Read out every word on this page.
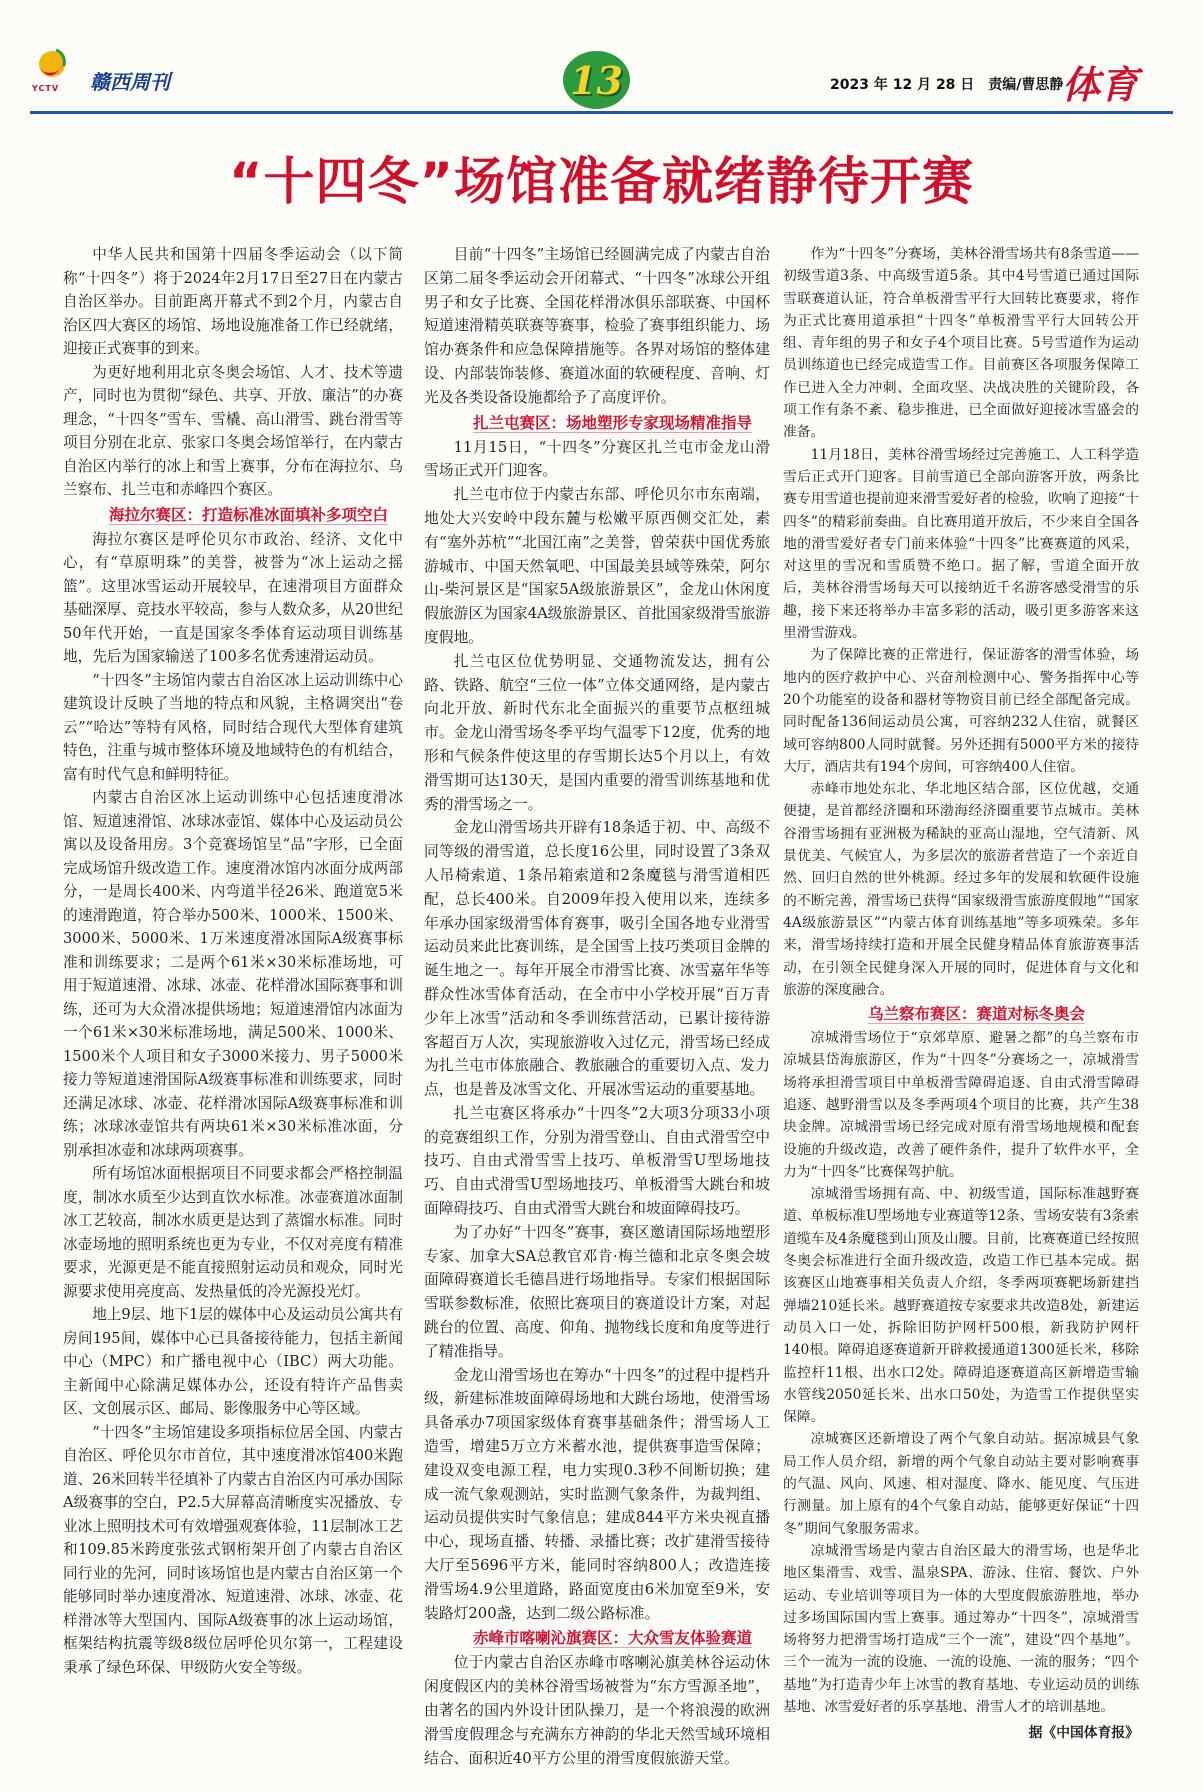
YCTV 赣西周刊	13	2023 年 12 月 28 日　责编/曹思静
体育
“十四冬”场馆准备就绪静待开赛

中华人民共和国第十四届冬季运动会（以下简称“十四冬”）将于2024年2月17日至27日在内蒙古自治区举办。目前距离开幕式不到2个月，内蒙古自治区四大赛区的场馆、场地设施准备工作已经就绪，迎接正式赛事的到来。

为更好地利用北京冬奥会场馆、人才、技术等遗产，同时也为贯彻“绿色、共享、开放、廉洁”的办赛理念，“十四冬”雪车、雪橇、高山滑雪、跳台滑雪等项目分别在北京、张家口冬奥会场馆举行，在内蒙古自治区内举行的冰上和雪上赛事，分布在海拉尔、乌兰察布、扎兰屯和赤峰四个赛区。

海拉尔赛区：打造标准冰面填补多项空白

海拉尔赛区是呼伦贝尔市政治、经济、文化中心，有“草原明珠”的美誉，被誉为“冰上运动之摇篮”。这里冰雪运动开展较早，在速滑项目方面群众基础深厚、竞技水平较高，参与人数众多，从20世纪50年代开始，一直是国家冬季体育运动项目训练基地，先后为国家输送了100多名优秀速滑运动员。

“十四冬”主场馆内蒙古自治区冰上运动训练中心建筑设计反映了当地的特点和风貌，主格调突出“卷云”“哈达”等特有风格，同时结合现代大型体育建筑特色，注重与城市整体环境及地域特色的有机结合，富有时代气息和鲜明特征。

内蒙古自治区冰上运动训练中心包括速度滑冰馆、短道速滑馆、冰球冰壶馆、媒体中心及运动员公寓以及设备用房。3个竞赛场馆呈“品”字形，已全面完成场馆升级改造工作。速度滑冰馆内冰面分成两部分，一是周长400米、内弯道半径26米、跑道宽5米的速滑跑道，符合举办500米、1000米、1500米、3000米、5000米、1万米速度滑冰国际A级赛事标准和训练要求；二是两个61米×30米标准场地，可用于短道速滑、冰球、冰壶、花样滑冰国际赛事和训练，还可为大众滑冰提供场地；短道速滑馆内冰面为一个61米×30米标准场地，满足500米、1000米、1500米个人项目和女子3000米接力、男子5000米接力等短道速滑国际A级赛事标准和训练要求，同时还满足冰球、冰壶、花样滑冰国际A级赛事标准和训练；冰球冰壶馆共有两块61米×30米标准冰面，分别承担冰壶和冰球两项赛事。

所有场馆冰面根据项目不同要求都会严格控制温度，制冰水质至少达到直饮水标准。冰壶赛道冰面制冰工艺较高，制冰水质更是达到了蒸馏水标准。同时冰壶场地的照明系统也更为专业，不仅对亮度有精准要求，光源更是不能直接照射运动员和观众，同时光源要求使用亮度高、发热量低的冷光源投光灯。

地上9层、地下1层的媒体中心及运动员公寓共有房间195间，媒体中心已具备接待能力，包括主新闻中心（MPC）和广播电视中心（IBC）两大功能。主新闻中心除满足媒体办公，还设有特许产品售卖区、文创展示区、邮局、影像服务中心等区域。

“十四冬”主场馆建设多项指标位居全国、内蒙古自治区、呼伦贝尔市首位，其中速度滑冰馆400米跑道、26米回转半径填补了内蒙古自治区内可承办国际A级赛事的空白，P2.5大屏幕高清晰度实况播放、专业冰上照明技术可有效增强观赛体验，11层制冰工艺和109.85米跨度张弦式钢桁架开创了内蒙古自治区同行业的先河，同时该场馆也是内蒙古自治区第一个能够同时举办速度滑冰、短道速滑、冰球、冰壶、花样滑冰等大型国内、国际A级赛事的冰上运动场馆，框架结构抗震等级8级位居呼伦贝尔第一，工程建设秉承了绿色环保、甲级防火安全等级。

目前“十四冬”主场馆已经圆满完成了内蒙古自治区第二届冬季运动会开闭幕式、“十四冬”冰球公开组男子和女子比赛、全国花样滑冰俱乐部联赛、中国杯短道速滑精英联赛等赛事，检验了赛事组织能力、场馆办赛条件和应急保障措施等。各界对场馆的整体建设、内部装饰装修、赛道冰面的软硬程度、音响、灯光及各类设备设施都给予了高度评价。

扎兰屯赛区：场地塑形专家现场精准指导

11月15日，“十四冬”分赛区扎兰屯市金龙山滑雪场正式开门迎客。

扎兰屯市位于内蒙古东部、呼伦贝尔市东南端，地处大兴安岭中段东麓与松嫩平原西侧交汇处，素有“塞外苏杭”“北国江南”之美誉，曾荣获中国优秀旅游城市、中国天然氧吧、中国最美县域等殊荣，阿尔山-柴河景区是“国家5A级旅游景区”，金龙山休闲度假旅游区为国家4A级旅游景区、首批国家级滑雪旅游度假地。

扎兰屯区位优势明显、交通物流发达，拥有公路、铁路、航空“三位一体”立体交通网络，是内蒙古向北开放、新时代东北全面振兴的重要节点枢纽城市。金龙山滑雪场冬季平均气温零下12度，优秀的地形和气候条件使这里的存雪期长达5个月以上，有效滑雪期可达130天，是国内重要的滑雪训练基地和优秀的滑雪场之一。

金龙山滑雪场共开辟有18条适于初、中、高级不同等级的滑雪道，总长度16公里，同时设置了3条双人吊椅索道、1条吊箱索道和2条魔毯与滑雪道相匹配，总长400米。自2009年投入使用以来，连续多年承办国家级滑雪体育赛事，吸引全国各地专业滑雪运动员来此比赛训练，是全国雪上技巧类项目金牌的诞生地之一。每年开展全市滑雪比赛、冰雪嘉年华等群众性冰雪体育活动，在全市中小学校开展“百万青少年上冰雪”活动和冬季训练营活动，已累计接待游客超百万人次，实现旅游收入过亿元，滑雪场已经成为扎兰屯市体旅融合、教旅融合的重要切入点、发力点，也是普及冰雪文化、开展冰雪运动的重要基地。

扎兰屯赛区将承办“十四冬”2大项3分项33小项的竞赛组织工作，分别为滑雪登山、自由式滑雪空中技巧、自由式滑雪雪上技巧、单板滑雪U型场地技巧、自由式滑雪U型场地技巧、单板滑雪大跳台和坡面障碍技巧、自由式滑雪大跳台和坡面障碍技巧。

为了办好“十四冬”赛事，赛区邀请国际场地塑形专家、加拿大SA总教官邓肯·梅兰德和北京冬奥会坡面障碍赛道长毛德昌进行场地指导。专家们根据国际雪联参数标准，依照比赛项目的赛道设计方案，对起跳台的位置、高度、仰角、抛物线长度和角度等进行了精准指导。

金龙山滑雪场也在筹办“十四冬”的过程中提档升级，新建标准坡面障碍场地和大跳台场地，使滑雪场具备承办7项国家级体育赛事基础条件；滑雪场人工造雪，增建5万立方米蓄水池，提供赛事造雪保障；建设双变电源工程，电力实现0.3秒不间断切换；建成一流气象观测站，实时监测气象条件，为裁判组、运动员提供实时气象信息；建成844平方米央视直播中心，现场直播、转播、录播比赛；改扩建滑雪接待大厅至5696平方米，能同时容纳800人；改造连接滑雪场4.9公里道路，路面宽度由6米加宽至9米，安装路灯200盏，达到二级公路标准。

赤峰市喀喇沁旗赛区：大众雪友体验赛道

位于内蒙古自治区赤峰市喀喇沁旗美林谷运动休闲度假区内的美林谷滑雪场被誉为“东方雪源圣地”，由著名的国内外设计团队操刀，是一个将浪漫的欧洲滑雪度假理念与充满东方神韵的华北天然雪域环境相结合、面积近40平方公里的滑雪度假旅游天堂。

作为“十四冬”分赛场，美林谷滑雪场共有8条雪道——初级雪道3条、中高级雪道5条。其中4号雪道已通过国际雪联赛道认证，符合单板滑雪平行大回转比赛要求，将作为正式比赛用道承担“十四冬”单板滑雪平行大回转公开组、青年组的男子和女子4个项目比赛。5号雪道作为运动员训练道也已经完成造雪工作。目前赛区各项服务保障工作已进入全力冲刺、全面攻坚、决战决胜的关键阶段，各项工作有条不紊、稳步推进，已全面做好迎接冰雪盛会的准备。

11月18日，美林谷滑雪场经过完善施工、人工科学造雪后正式开门迎客。目前雪道已全部向游客开放，两条比赛专用雪道也提前迎来滑雪爱好者的检验，吹响了迎接“十四冬”的精彩前奏曲。自比赛用道开放后，不少来自全国各地的滑雪爱好者专门前来体验“十四冬”比赛赛道的风采，对这里的雪况和雪质赞不绝口。据了解，雪道全面开放后，美林谷滑雪场每天可以接纳近千名游客感受滑雪的乐趣，接下来还将举办丰富多彩的活动，吸引更多游客来这里滑雪游戏。

为了保障比赛的正常进行，保证游客的滑雪体验，场地内的医疗救护中心、兴奋剂检测中心、警务指挥中心等20个功能室的设备和器材等物资目前已经全部配备完成。同时配备136间运动员公寓，可容纳232人住宿，就餐区域可容纳800人同时就餐。另外还拥有5000平方米的接待大厅，酒店共有194个房间，可容纳400人住宿。

赤峰市地处东北、华北地区结合部，区位优越，交通便捷，是首都经济圈和环渤海经济圈重要节点城市。美林谷滑雪场拥有亚洲极为稀缺的亚高山湿地，空气清新、风景优美、气候宜人，为多层次的旅游者营造了一个亲近自然、回归自然的世外桃源。经过多年的发展和软硬件设施的不断完善，滑雪场已获得“国家级滑雪旅游度假地”“国家4A级旅游景区”“内蒙古体育训练基地”等多项殊荣。多年来，滑雪场持续打造和开展全民健身精品体育旅游赛事活动，在引领全民健身深入开展的同时，促进体育与文化和旅游的深度融合。

乌兰察布赛区：赛道对标冬奥会

凉城滑雪场位于“京郊草原、避暑之都”的乌兰察布市凉城县岱海旅游区，作为“十四冬”分赛场之一，凉城滑雪场将承担滑雪项目中单板滑雪障碍追逐、自由式滑雪障碍追逐、越野滑雪以及冬季两项4个项目的比赛，共产生38块金牌。凉城滑雪场已经完成对原有滑雪场地规模和配套设施的升级改造，改善了硬件条件，提升了软件水平，全力为“十四冬”比赛保驾护航。

凉城滑雪场拥有高、中、初级雪道，国际标准越野赛道、单板标准U型场地专业赛道等12条、雪场安装有3条索道缆车及4条魔毯到山顶及山腰。目前，比赛赛道已经按照冬奥会标准进行全面升级改造，改造工作已基本完成。据该赛区山地赛事相关负责人介绍，冬季两项赛靶场新建挡弹墙210延长米。越野赛道按专家要求共改造8处，新建运动员入口一处，拆除旧防护网杆500根，新我防护网杆140根。障碍追逐赛道新开辟救援通道1300延长米，移除监控杆11根、出水口2处。障碍追逐赛道高区新增造雪输水管线2050延长米、出水口50处，为造雪工作提供坚实保障。

凉城赛区还新增设了两个气象自动站。据凉城县气象局工作人员介绍，新增的两个气象自动站主要对影响赛事的气温、风向、风速、相对湿度、降水、能见度、气压进行测量。加上原有的4个气象自动站，能够更好保证“十四冬”期间气象服务需求。

凉城滑雪场是内蒙古自治区最大的滑雪场，也是华北地区集滑雪、戏雪、温泉SPA、游泳、住宿、餐饮、户外运动、专业培训等项目为一体的大型度假旅游胜地，举办过多场国际国内雪上赛事。通过筹办“十四冬”，凉城滑雪场将努力把滑雪场打造成“三个一流”，建设“四个基地”。三个一流为一流的设施、一流的设施、一流的服务；“四个基地”为打造青少年上冰雪的教育基地、专业运动员的训练基地、冰雪爱好者的乐享基地、滑雪人才的培训基地。

据《中国体育报》
